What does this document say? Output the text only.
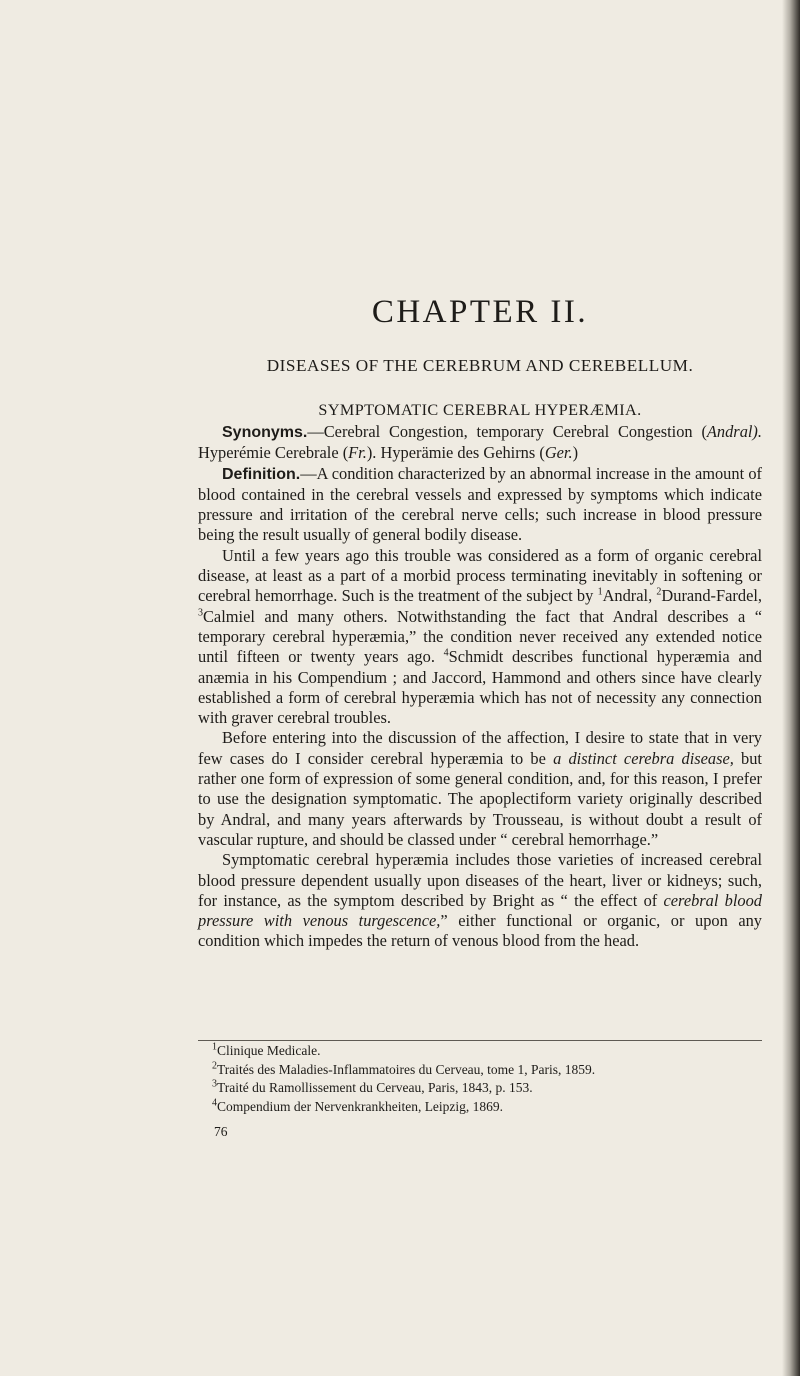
CHAPTER II.
DISEASES OF THE CEREBRUM AND CEREBELLUM.
SYMPTOMATIC CEREBRAL HYPERÆMIA.

Synonyms.—Cerebral Congestion, temporary Cerebral Congestion (Andral). Hyperémie Cerebrale (Fr.). Hyperämie des Gehirns (Ger.)

Definition.—A condition characterized by an abnormal increase in the amount of blood contained in the cerebral vessels and expressed by symptoms which indicate pressure and irritation of the cerebral nerve cells; such increase in blood pressure being the result usually of general bodily disease.

Until a few years ago this trouble was considered as a form of organic cerebral disease, at least as a part of a morbid process terminating inevitably in softening or cerebral hemorrhage. Such is the treatment of the subject by $^1$Andral, $^2$Durand-Fardel, $^3$Calmiel and many others. Notwithstanding the fact that Andral describes a “ temporary cerebral hyperæmia,” the condition never received any extended notice until fifteen or twenty years ago. $^4$Schmidt describes functional hyperæmia and anæmia in his Compendium ; and Jaccord, Hammond and others since have clearly established a form of cerebral hyperæmia which has not of necessity any connection with graver cerebral troubles.

Before entering into the discussion of the affection, I desire to state that in very few cases do I consider cerebral hyperæmia to be a distinct cerebra disease, but rather one form of expression of some general condition, and, for this reason, I prefer to use the designation symptomatic. The apoplectiform variety originally described by Andral, and many years afterwards by Trousseau, is without doubt a result of vascular rupture, and should be classed under “ cerebral hemorrhage.”

Symptomatic cerebral hyperæmia includes those varieties of increased cerebral blood pressure dependent usually upon diseases of the heart, liver or kidneys; such, for instance, as the symptom described by Bright as “ the effect of cerebral blood pressure with venous turgescence,” either functional or organic, or upon any condition which impedes the return of venous blood from the head.

$^1$Clinique Medicale.

$^2$Traités des Maladies-Inflammatoires du Cerveau, tome 1, Paris, 1859.

$^3$Traité du Ramollissement du Cerveau, Paris, 1843, p. 153.

$^4$Compendium der Nervenkrankheiten, Leipzig, 1869.

76
